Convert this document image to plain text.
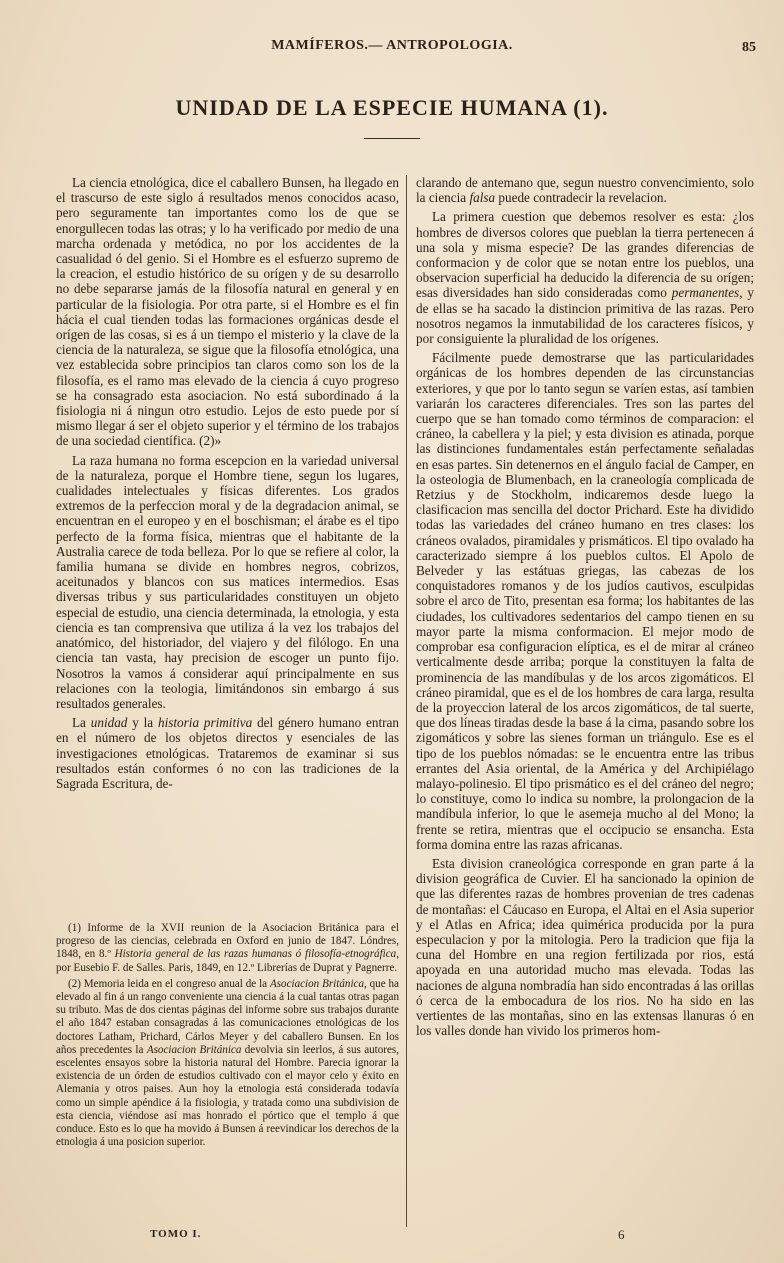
MAMÍFEROS.— ANTROPOLOGIA.	85
UNIDAD DE LA ESPECIE HUMANA (1).

La ciencia etnológica, dice el caballero Bunsen, ha llegado en el trascurso de este siglo á resultados menos conocidos acaso, pero seguramente tan importantes como los de que se enorgullecen todas las otras; y lo ha verificado por medio de una marcha ordenada y metódica, no por los accidentes de la casualidad ó del genio. Si el Hombre es el esfuerzo supremo de la creacion, el estudio histórico de su orígen y de su desarrollo no debe separarse jamás de la filosofía natural en general y en particular de la fisiologia. Por otra parte, si el Hombre es el fin hácia el cual tienden todas las formaciones orgánicas desde el orígen de las cosas, si es á un tiempo el misterio y la clave de la ciencia de la naturaleza, se sigue que la filosofía etnológica, una vez establecida sobre principios tan claros como son los de la filosofía, es el ramo mas elevado de la ciencia á cuyo progreso se ha consagrado esta asociacion. No está subordinado á la fisiologia ni á ningun otro estudio. Lejos de esto puede por sí mismo llegar á ser el objeto superior y el término de los trabajos de una sociedad científica. (2)»

La raza humana no forma escepcion en la variedad universal de la naturaleza, porque el Hombre tiene, segun los lugares, cualidades intelectuales y físicas diferentes. Los grados extremos de la perfeccion moral y de la degradacion animal, se encuentran en el europeo y en el boschisman; el árabe es el tipo perfecto de la forma física, mientras que el habitante de la Australia carece de toda belleza. Por lo que se refiere al color, la familia humana se divide en hombres negros, cobrizos, aceitunados y blancos con sus matices intermedios. Esas diversas tribus y sus particularidades constituyen un objeto especial de estudio, una ciencia determinada, la etnologia, y esta ciencia es tan comprensiva que utiliza á la vez los trabajos del anatómico, del historiador, del viajero y del filólogo. En una ciencia tan vasta, hay precision de escoger un punto fijo. Nosotros la vamos á considerar aquí principalmente en sus relaciones con la teologia, limitándonos sin embargo á sus resultados generales.

La unidad y la historia primitiva del género humano entran en el número de los objetos directos y esenciales de las investigaciones etnológicas. Trataremos de examinar si sus resultados están conformes ó no con las tradiciones de la Sagrada Escritura, de-

(1) Informe de la XVII reunion de la Asociacion Británica para el progreso de las ciencias, celebrada en Oxford en junio de 1847. Lóndres, 1848, en 8.º Historia general de las razas humanas ó filosofía-etnográfica, por Eusebio F. de Salles. Paris, 1849, en 12.º Librerías de Duprat y Pagnerre.

(2) Memoria leida en el congreso anual de la Asociacion Británica, que ha elevado al fin á un rango conveniente una ciencia á la cual tantas otras pagan su tributo. Mas de dos cientas páginas del informe sobre sus trabajos durante el año 1847 estaban consagradas á las comunicaciones etnológicas de los doctores Latham, Prichard, Cárlos Meyer y del caballero Bunsen. En los años precedentes la Asociacion Británica devolvia sin leerlos, á sus autores, escelentes ensayos sobre la historia natural del Hombre. Parecia ignorar la existencia de un órden de estudios cultivado con el mayor celo y éxito en Alemania y otros paises. Aun hoy la etnologia está considerada todavía como un simple apéndice á la fisiologia, y tratada como una subdivision de esta ciencia, viéndose así mas honrado el pórtico que el templo á que conduce. Esto es lo que ha movido á Bunsen á reevindicar los derechos de la etnologia á una posicion superior.

clarando de antemano que, segun nuestro convencimiento, solo la ciencia falsa puede contradecir la revelacion.

La primera cuestion que debemos resolver es esta: ¿los hombres de diversos colores que pueblan la tierra pertenecen á una sola y misma especie? De las grandes diferencias de conformacion y de color que se notan entre los pueblos, una observacion superficial ha deducido la diferencia de su orígen; esas diversidades han sido consideradas como permanentes, y de ellas se ha sacado la distincion primitiva de las razas. Pero nosotros negamos la inmutabilidad de los caracteres físicos, y por consiguiente la pluralidad de los orígenes.

Fácilmente puede demostrarse que las particularidades orgánicas de los hombres dependen de las circunstancias exteriores, y que por lo tanto segun se varíen estas, así tambien variarán los caracteres diferenciales. Tres son las partes del cuerpo que se han tomado como términos de comparacion: el cráneo, la cabellera y la piel; y esta division es atinada, porque las distinciones fundamentales están perfectamente señaladas en esas partes. Sin detenernos en el ángulo facial de Camper, en la osteologia de Blumenbach, en la craneología complicada de Retzius y de Stockholm, indicaremos desde luego la clasificacion mas sencilla del doctor Prichard. Este ha dividido todas las variedades del cráneo humano en tres clases: los cráneos ovalados, piramidales y prismáticos. El tipo ovalado ha caracterizado siempre á los pueblos cultos. El Apolo de Belveder y las estátuas griegas, las cabezas de los conquistadores romanos y de los judíos cautivos, esculpidas sobre el arco de Tito, presentan esa forma; los habitantes de las ciudades, los cultivadores sedentarios del campo tienen en su mayor parte la misma conformacion. El mejor modo de comprobar esa configuracion elíptica, es el de mirar al cráneo verticalmente desde arriba; porque la constituyen la falta de prominencia de las mandíbulas y de los arcos zigomáticos. El cráneo piramidal, que es el de los hombres de cara larga, resulta de la proyeccion lateral de los arcos zigomáticos, de tal suerte, que dos líneas tiradas desde la base á la cima, pasando sobre los zigomáticos y sobre las sienes forman un triángulo. Ese es el tipo de los pueblos nómadas: se le encuentra entre las tribus errantes del Asia oriental, de la América y del Archipiélago malayo-polinesio. El tipo prismático es el del cráneo del negro; lo constituye, como lo indica su nombre, la prolongacion de la mandíbula inferior, lo que le asemeja mucho al del Mono; la frente se retira, mientras que el occipucio se ensancha. Esta forma domina entre las razas africanas.

Esta division craneológica corresponde en gran parte á la division geográfica de Cuvier. El ha sancionado la opinion de que las diferentes razas de hombres provenian de tres cadenas de montañas: el Cáucaso en Europa, el Altai en el Asia superior y el Atlas en Africa; idea quimérica producida por la pura especulacion y por la mitologia. Pero la tradicion que fija la cuna del Hombre en una region fertilizada por rios, está apoyada en una autoridad mucho mas elevada. Todas las naciones de alguna nombradía han sido encontradas á las orillas ó cerca de la embocadura de los rios. No ha sido en las vertientes de las montañas, sino en las extensas llanuras ó en los valles donde han vivido los primeros hom-

TOMO I.	6
